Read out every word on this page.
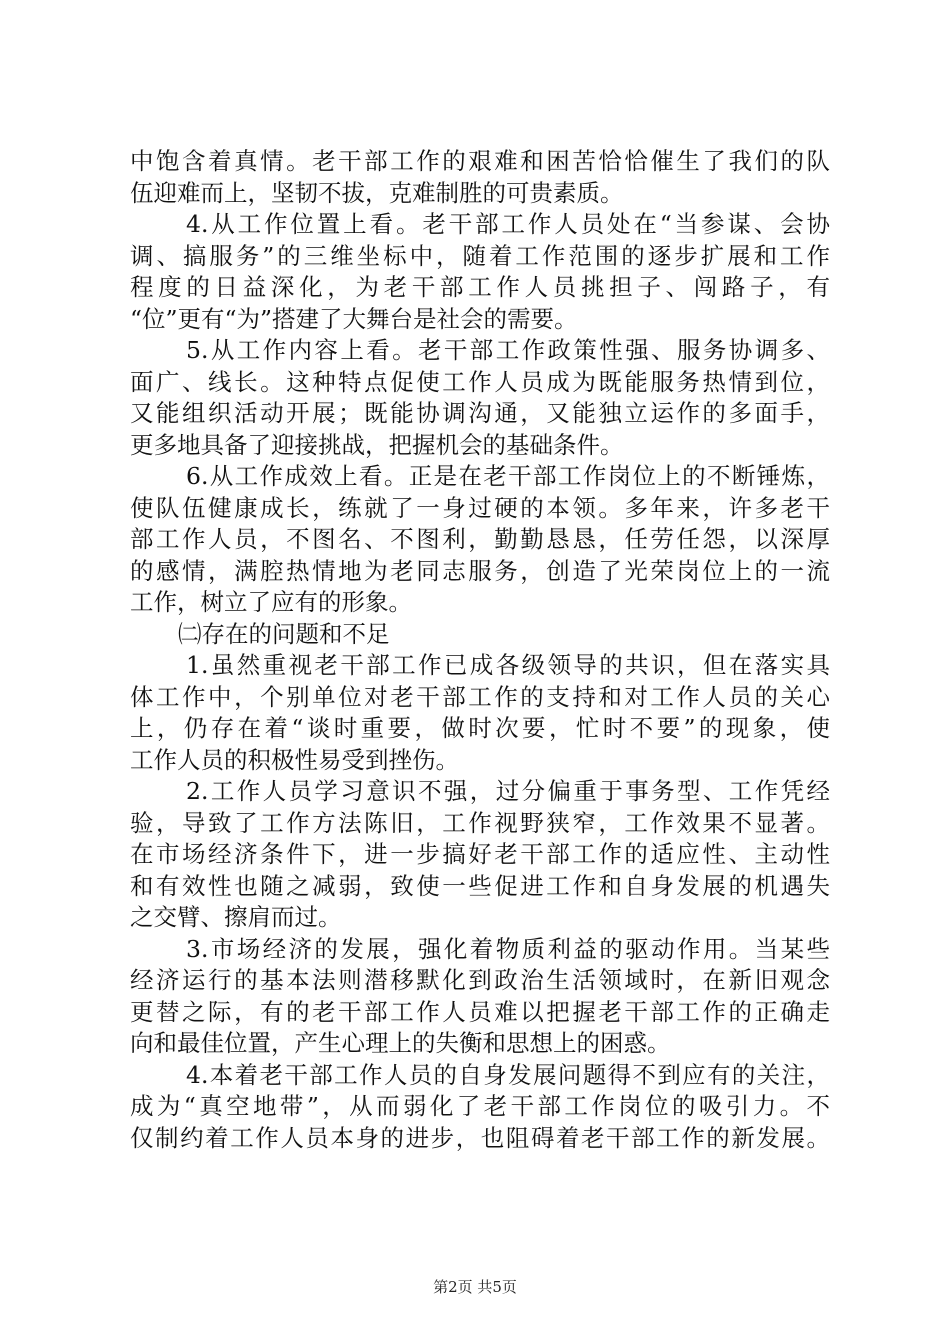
中饱含着真情。老干部工作的艰难和困苦恰恰催生了我们的队
伍迎难而上，坚韧不拔，克难制胜的可贵素质。
4.从工作位置上看。老干部工作人员处在“当参谋、会协
调、搞服务”的三维坐标中，随着工作范围的逐步扩展和工作
程度的日益深化，为老干部工作人员挑担子、闯路子，有
“位”更有“为”搭建了大舞台是社会的需要。
5.从工作内容上看。老干部工作政策性强、服务协调多、
面广、线长。这种特点促使工作人员成为既能服务热情到位，
又能组织活动开展；既能协调沟通，又能独立运作的多面手，
更多地具备了迎接挑战，把握机会的基础条件。
6.从工作成效上看。正是在老干部工作岗位上的不断锤炼，
使队伍健康成长，练就了一身过硬的本领。多年来，许多老干
部工作人员，不图名、不图利，勤勤恳恳，任劳任怨，以深厚
的感情，满腔热情地为老同志服务，创造了光荣岗位上的一流
工作，树立了应有的形象。
㈡存在的问题和不足
1.虽然重视老干部工作已成各级领导的共识，但在落实具
体工作中，个别单位对老干部工作的支持和对工作人员的关心
上，仍存在着“谈时重要，做时次要，忙时不要”的现象，使
工作人员的积极性易受到挫伤。
2.工作人员学习意识不强，过分偏重于事务型、工作凭经
验，导致了工作方法陈旧，工作视野狭窄，工作效果不显著。
在市场经济条件下，进一步搞好老干部工作的适应性、主动性
和有效性也随之减弱，致使一些促进工作和自身发展的机遇失
之交臂、擦肩而过。
3.市场经济的发展，强化着物质利益的驱动作用。当某些
经济运行的基本法则潜移默化到政治生活领域时，在新旧观念
更替之际，有的老干部工作人员难以把握老干部工作的正确走
向和最佳位置，产生心理上的失衡和思想上的困惑。
4.本着老干部工作人员的自身发展问题得不到应有的关注，
成为“真空地带”，从而弱化了老干部工作岗位的吸引力。不
仅制约着工作人员本身的进步，也阻碍着老干部工作的新发展。
第2页 共5页
